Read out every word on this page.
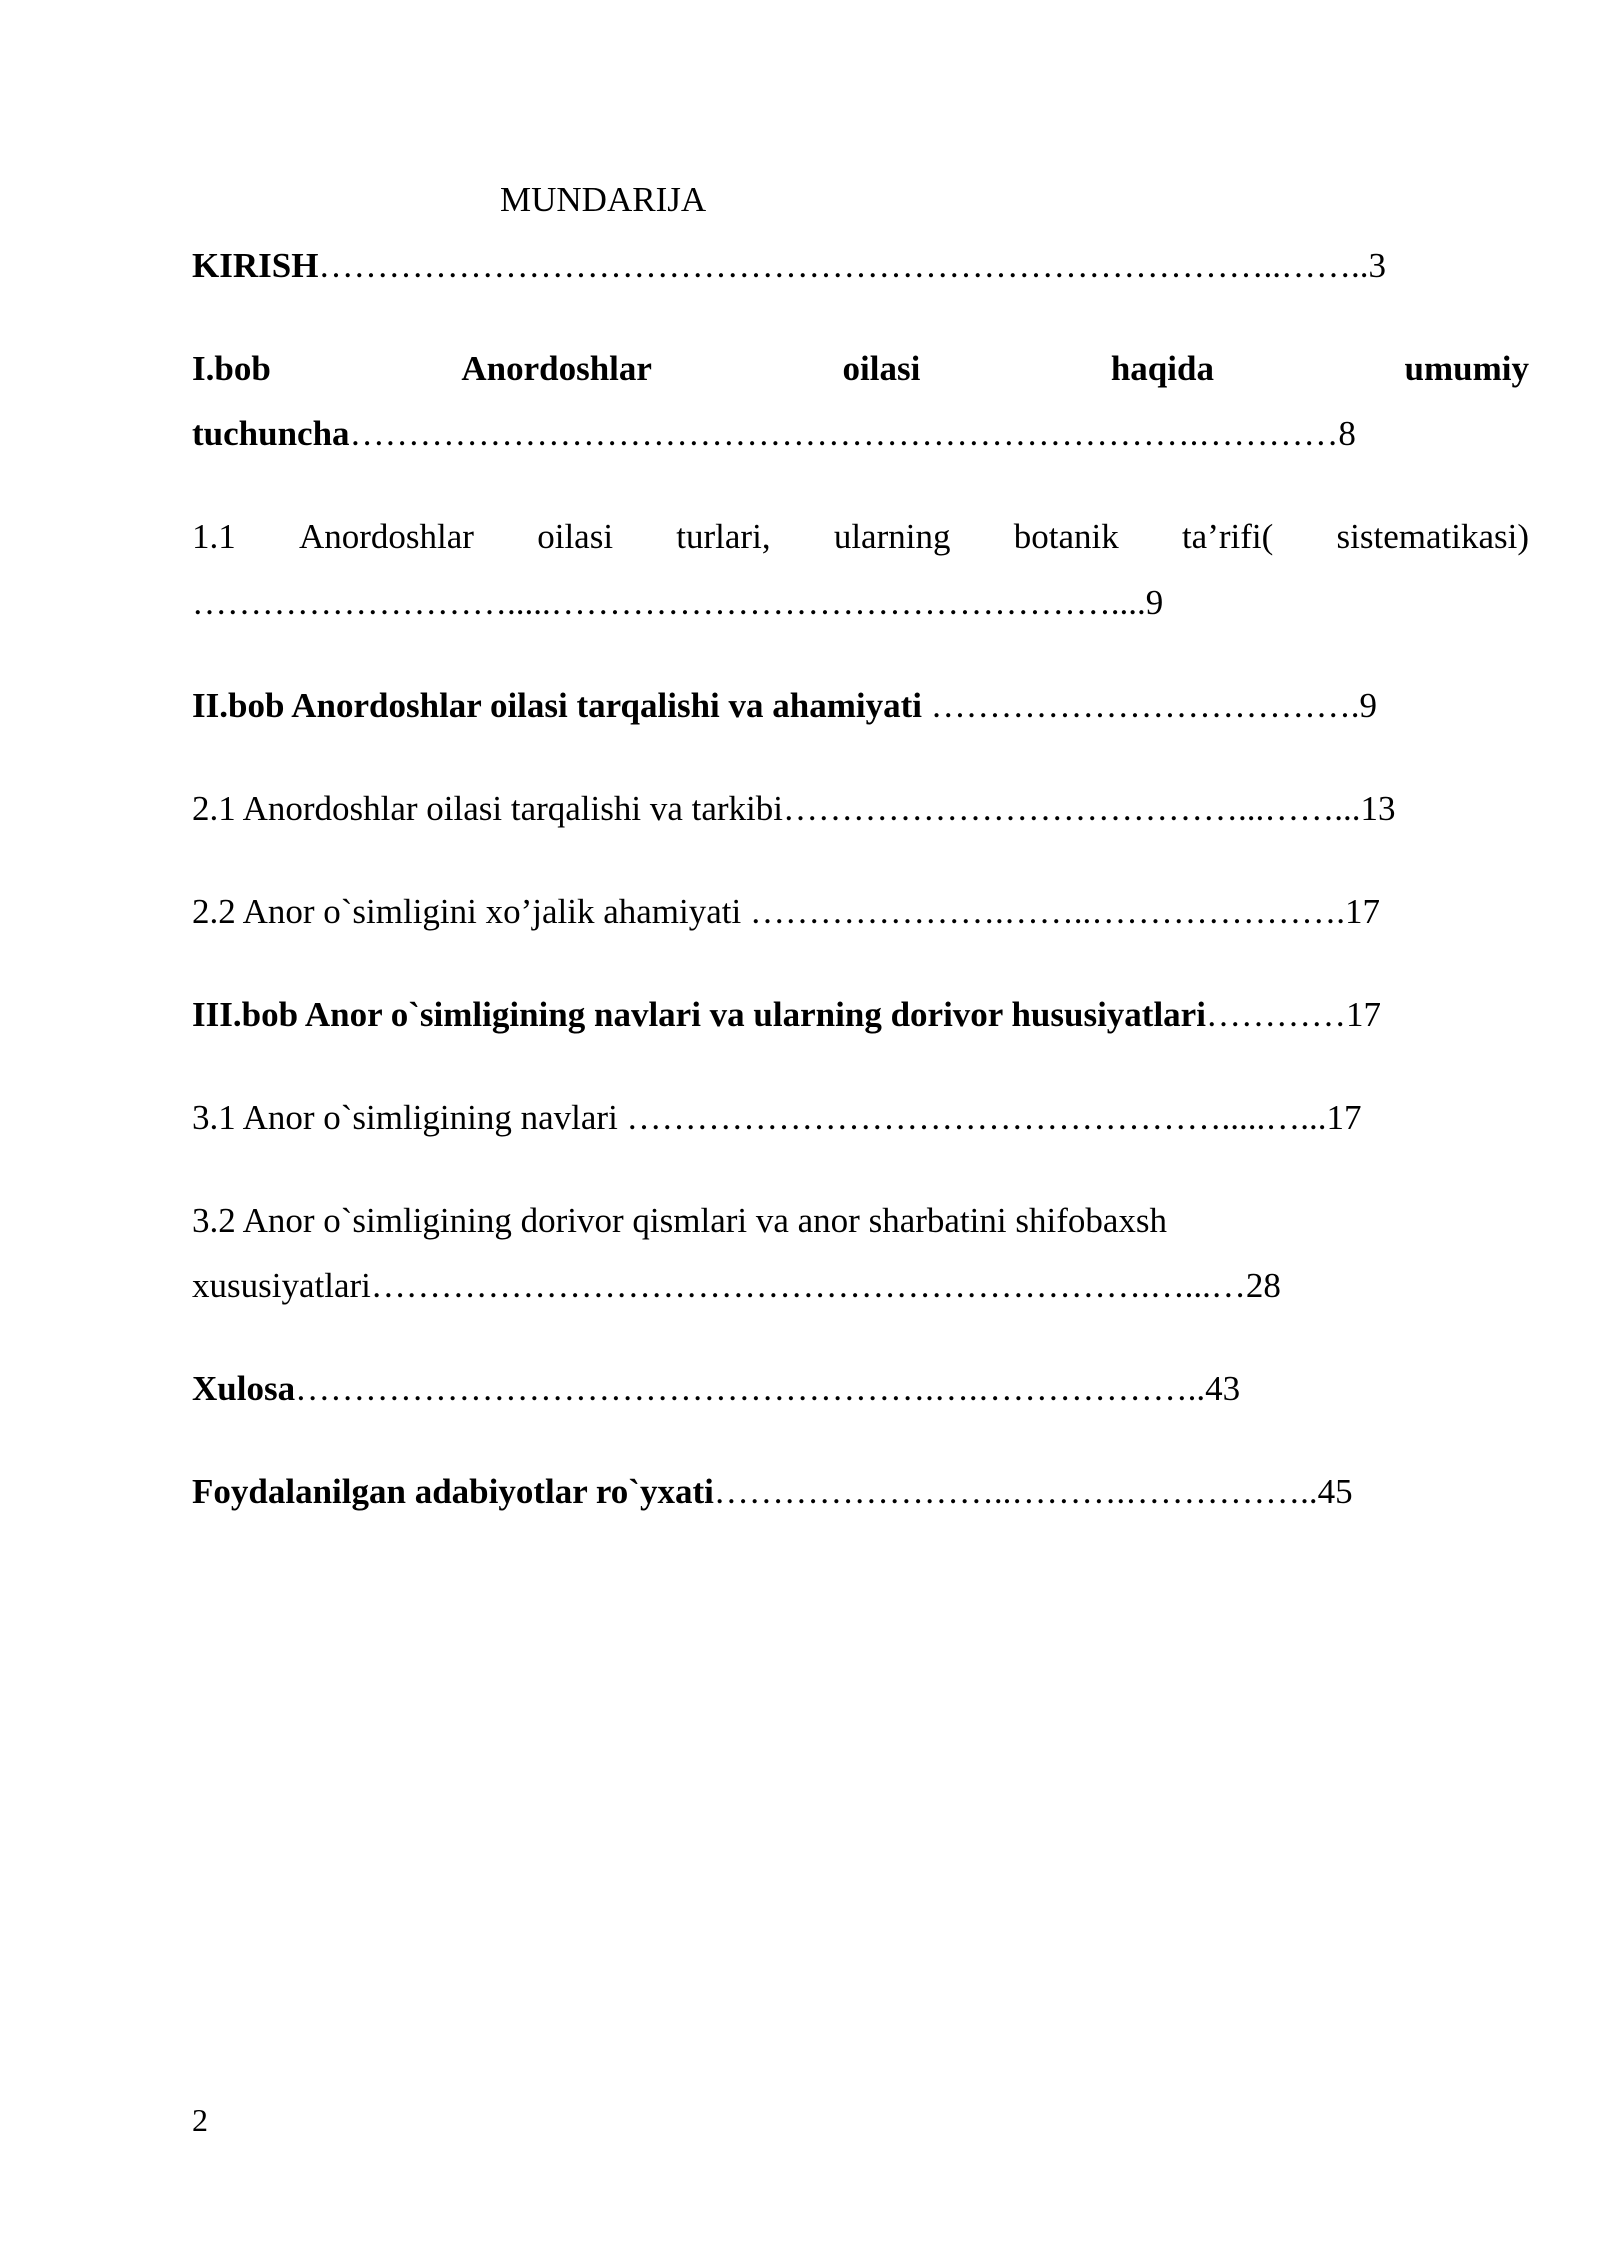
MUNDARIJA
KIRISH………………………………………………………………………..……..3
I.bob	Anordoshlar	oilasi	haqida	umumiy
tuchuncha……………………………………………………………….…………8
1.1 Anordoshlar oilasi turlari, ularning botanik ta’rifi( sistematikasi)
……………………….....…………………………………………....9
II.bob Anordoshlar oilasi tarqalishi va ahamiyati ……………………………….9
2.1 Anordoshlar oilasi tarqalishi va tarkibi…………………………………...……...13
2.2 Anor o`simligini xo’jalik ahamiyati ………………….……..………………….17
III.bob Anor o`simligining navlari va ularning dorivor hususiyatlari…………17
3.1 Anor o`simligining navlari …………………………………………….....…...17
3.2 Anor o`simligining dorivor qismlari va anor sharbatini shifobaxsh
xususiyatlari………………………………………………………….…...…28
Xulosa……………………………………………….….………………..43
Foydalanilgan adabiyotlar ro`yxati……………………..……….……………..45
2
